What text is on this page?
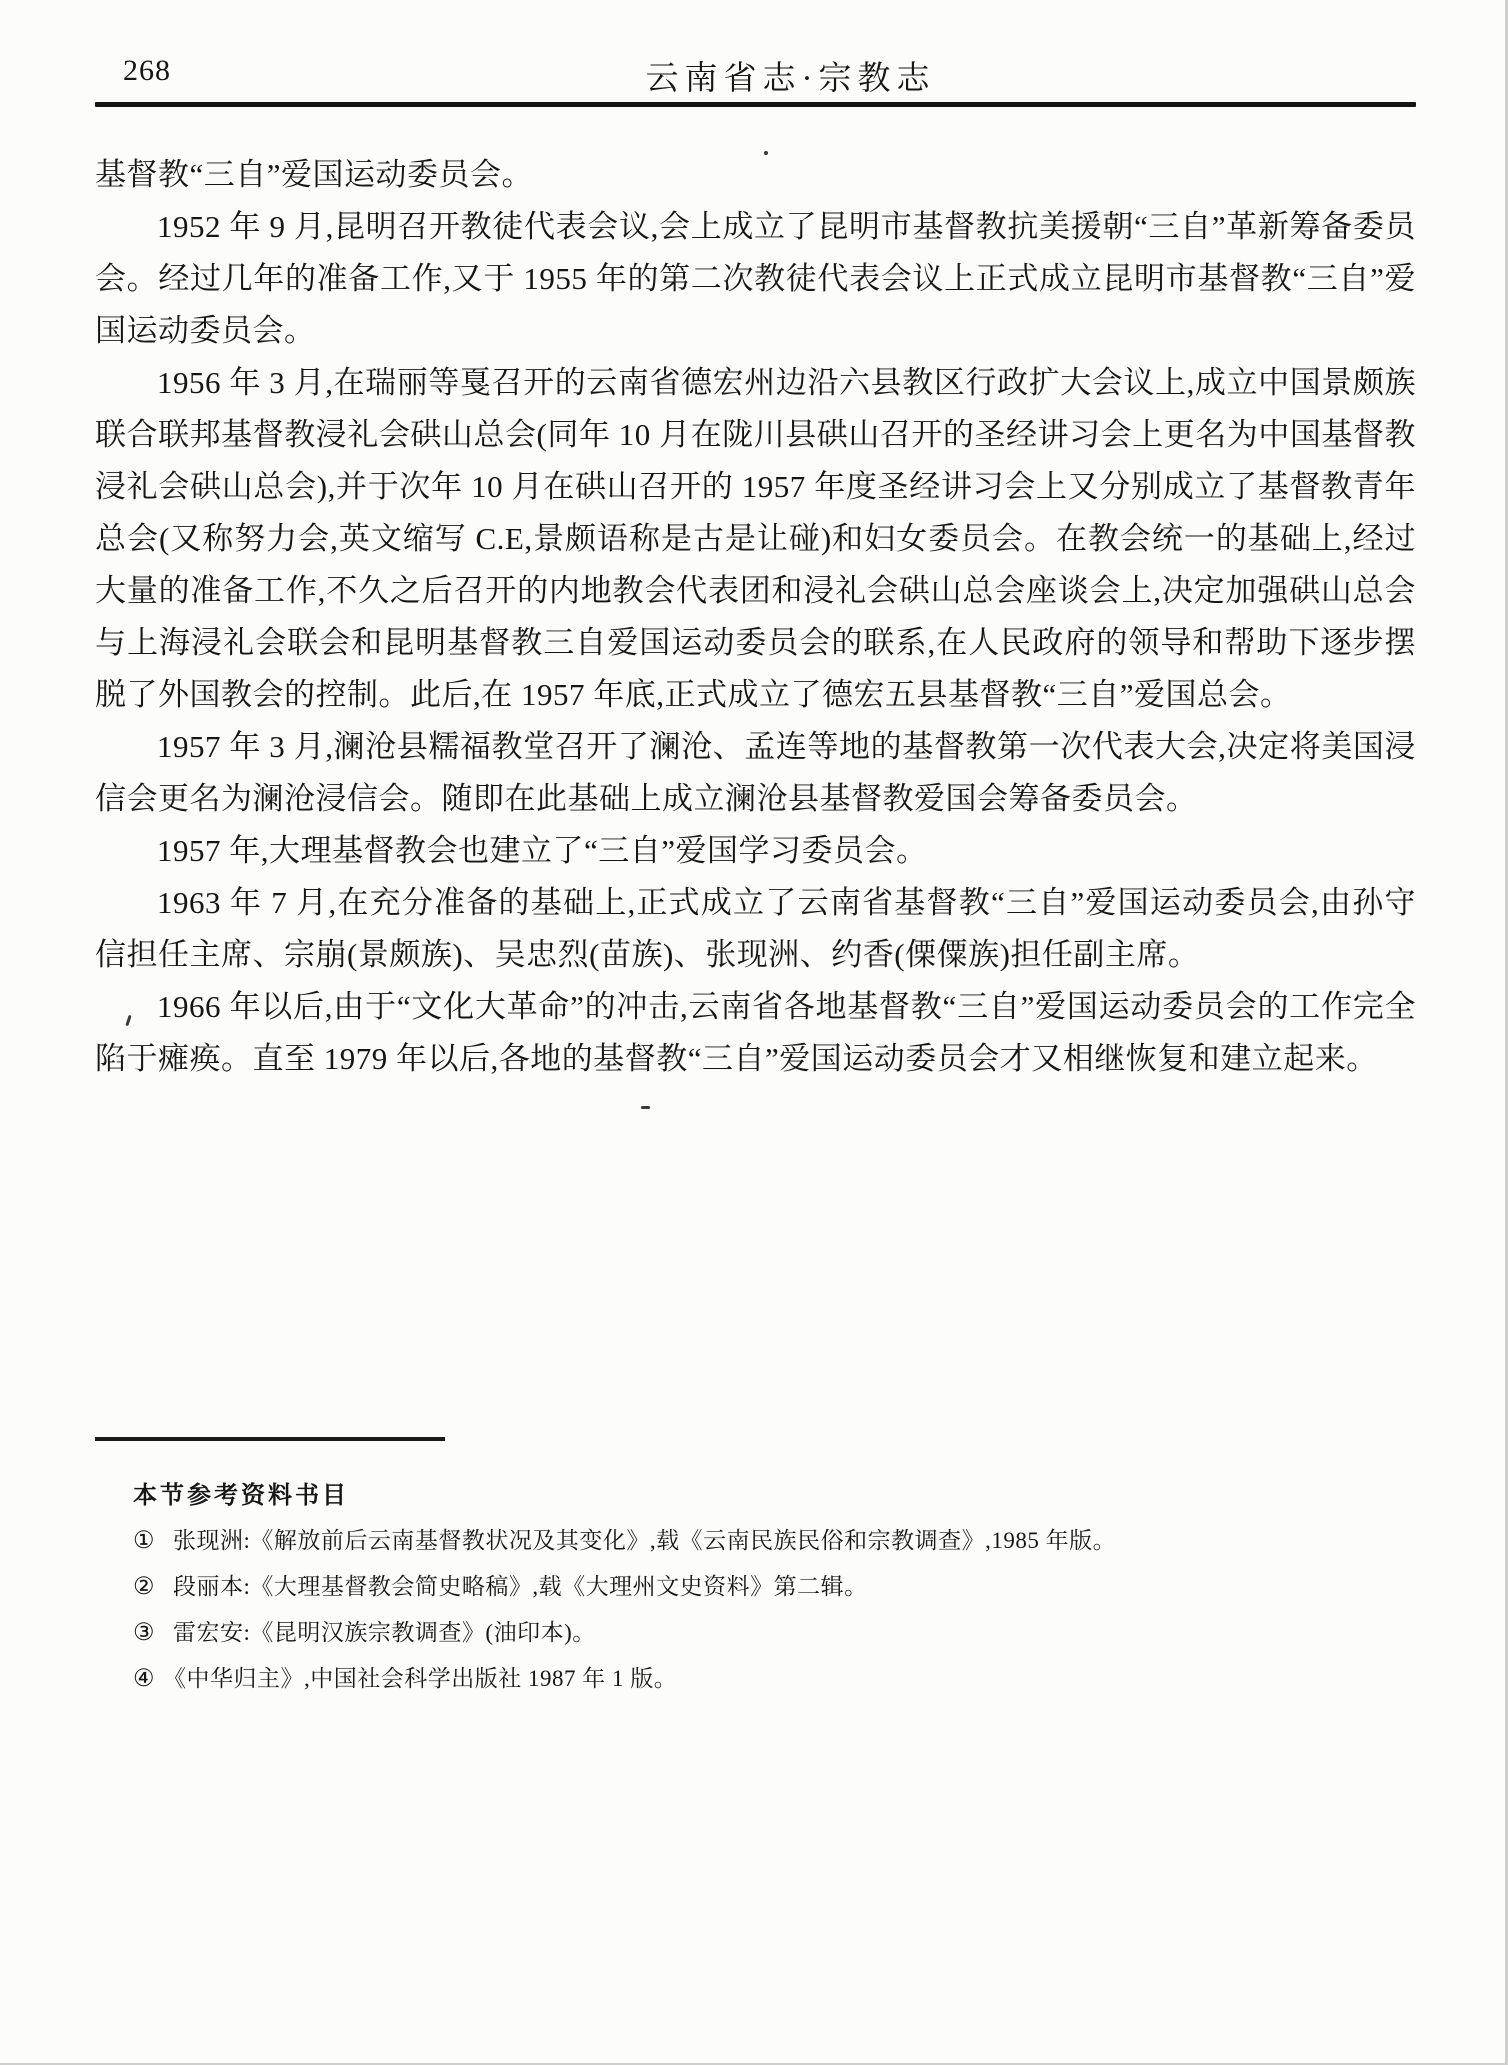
268	云南省志·宗教志

基督教“三自”爱国运动委员会。

1952 年 9 月,昆明召开教徒代表会议,会上成立了昆明市基督教抗美援朝“三自”革新筹备委员会。经过几年的准备工作,又于 1955 年的第二次教徒代表会议上正式成立昆明市基督教“三自”爱国运动委员会。

1956 年 3 月,在瑞丽等戛召开的云南省德宏州边沿六县教区行政扩大会议上,成立中国景颇族联合联邦基督教浸礼会硔山总会(同年 10 月在陇川县硔山召开的圣经讲习会上更名为中国基督教浸礼会硔山总会),并于次年 10 月在硔山召开的 1957 年度圣经讲习会上又分别成立了基督教青年总会(又称努力会,英文缩写 C.E,景颇语称是古是让碰)和妇女委员会。在教会统一的基础上,经过大量的准备工作,不久之后召开的内地教会代表团和浸礼会硔山总会座谈会上,决定加强硔山总会与上海浸礼会联会和昆明基督教三自爱国运动委员会的联系,在人民政府的领导和帮助下逐步摆脱了外国教会的控制。此后,在 1957 年底,正式成立了德宏五县基督教“三自”爱国总会。

1957 年 3 月,澜沧县糯福教堂召开了澜沧、孟连等地的基督教第一次代表大会,决定将美国浸信会更名为澜沧浸信会。随即在此基础上成立澜沧县基督教爱国会筹备委员会。

1957 年,大理基督教会也建立了“三自”爱国学习委员会。

1963 年 7 月,在充分准备的基础上,正式成立了云南省基督教“三自”爱国运动委员会,由孙守信担任主席、宗崩(景颇族)、吴忠烈(苗族)、张现洲、约香(傈僳族)担任副主席。

1966 年以后,由于“文化大革命”的冲击,云南省各地基督教“三自”爱国运动委员会的工作完全陷于瘫痪。直至 1979 年以后,各地的基督教“三自”爱国运动委员会才又相继恢复和建立起来。

本节参考资料书目
① 张现洲:《解放前后云南基督教状况及其变化》,载《云南民族民俗和宗教调查》,1985 年版。
② 段丽本:《大理基督教会简史略稿》,载《大理州文史资料》第二辑。
③ 雷宏安:《昆明汉族宗教调查》(油印本)。
④ 《中华归主》,中国社会科学出版社 1987 年 1 版。
